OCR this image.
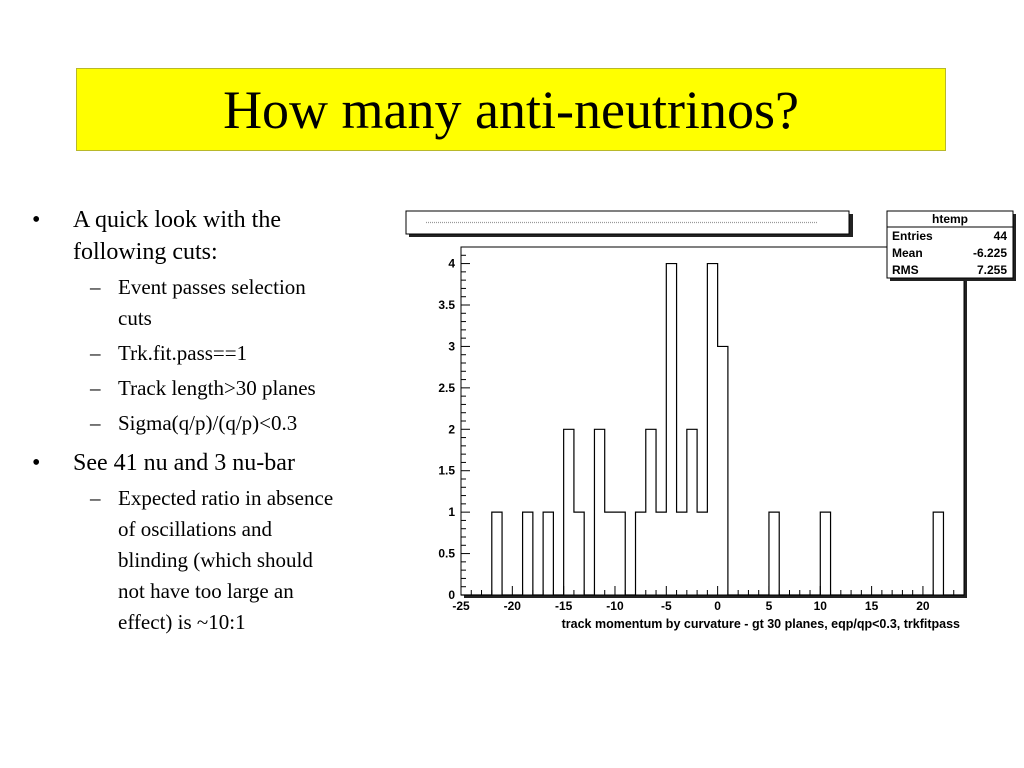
How many anti-neutrinos?
• A quick look with the
following cuts:
– Event passes selection
cuts
– Trk.fit.pass==1
– Track length>30 planes
– Sigma(q/p)/(q/p)<0.3
• See 41 nu and 3 nu-bar
– Expected ratio in absence
of oscillations and
blinding (which should
not have too large an
effect) is ~10:1
0
0.5
1
1.5
2
2.5
3
3.5
4
-25	-20	-15	-10	-5	0	5	10	15	20
track momentum by curvature - gt 30 planes, eqp/qp<0.3, trkfitpass
htemp
Entries	44
Mean	-6.225
RMS	7.255
